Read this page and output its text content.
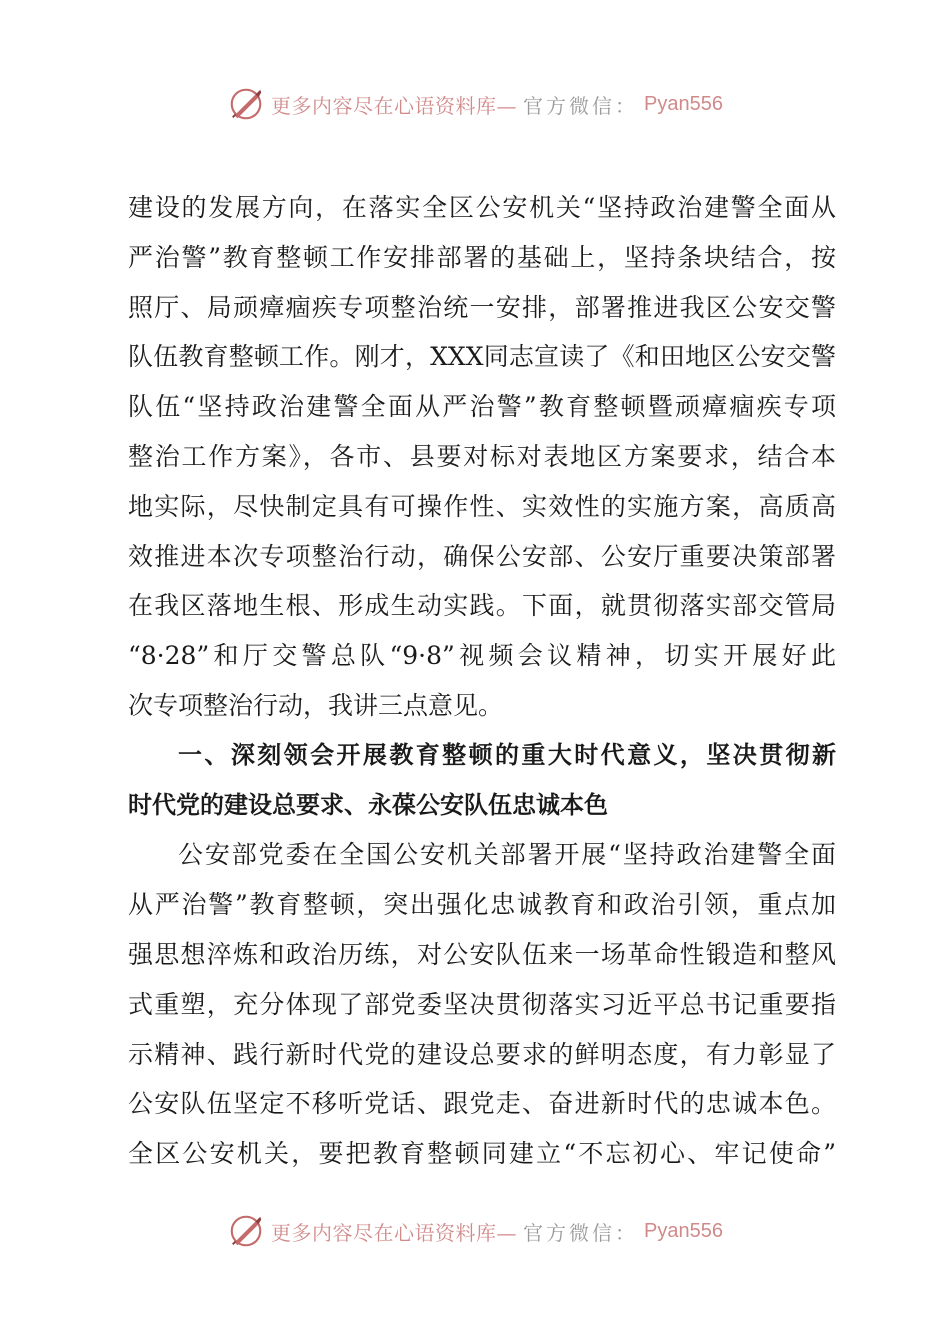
更多内容尽在心语资料库— 官方微信： Pyan556
建设的发展方向，在落实全区公安机关“坚持政治建警全面从
严治警”教育整顿工作安排部署的基础上，坚持条块结合，按
照厅、局顽瘴痼疾专项整治统一安排，部署推进我区公安交警
队伍教育整顿工作。刚才，XXX同志宣读了《和田地区公安交警
队伍“坚持政治建警全面从严治警”教育整顿暨顽瘴痼疾专项
整治工作方案》，各市、县要对标对表地区方案要求，结合本
地实际，尽快制定具有可操作性、实效性的实施方案，高质高
效推进本次专项整治行动，确保公安部、公安厅重要决策部署
在我区落地生根、形成生动实践。下面，就贯彻落实部交管局
“8·28”和厅交警总队“9·8”视频会议精神，切实开展好此
次专项整治行动，我讲三点意见。
一、深刻领会开展教育整顿的重大时代意义，坚决贯彻新
时代党的建设总要求、永葆公安队伍忠诚本色
公安部党委在全国公安机关部署开展“坚持政治建警全面
从严治警”教育整顿，突出强化忠诚教育和政治引领，重点加
强思想淬炼和政治历练，对公安队伍来一场革命性锻造和整风
式重塑，充分体现了部党委坚决贯彻落实习近平总书记重要指
示精神、践行新时代党的建设总要求的鲜明态度，有力彰显了
公安队伍坚定不移听党话、跟党走、奋进新时代的忠诚本色。
全区公安机关，要把教育整顿同建立“不忘初心、牢记使命”
更多内容尽在心语资料库— 官方微信： Pyan556
